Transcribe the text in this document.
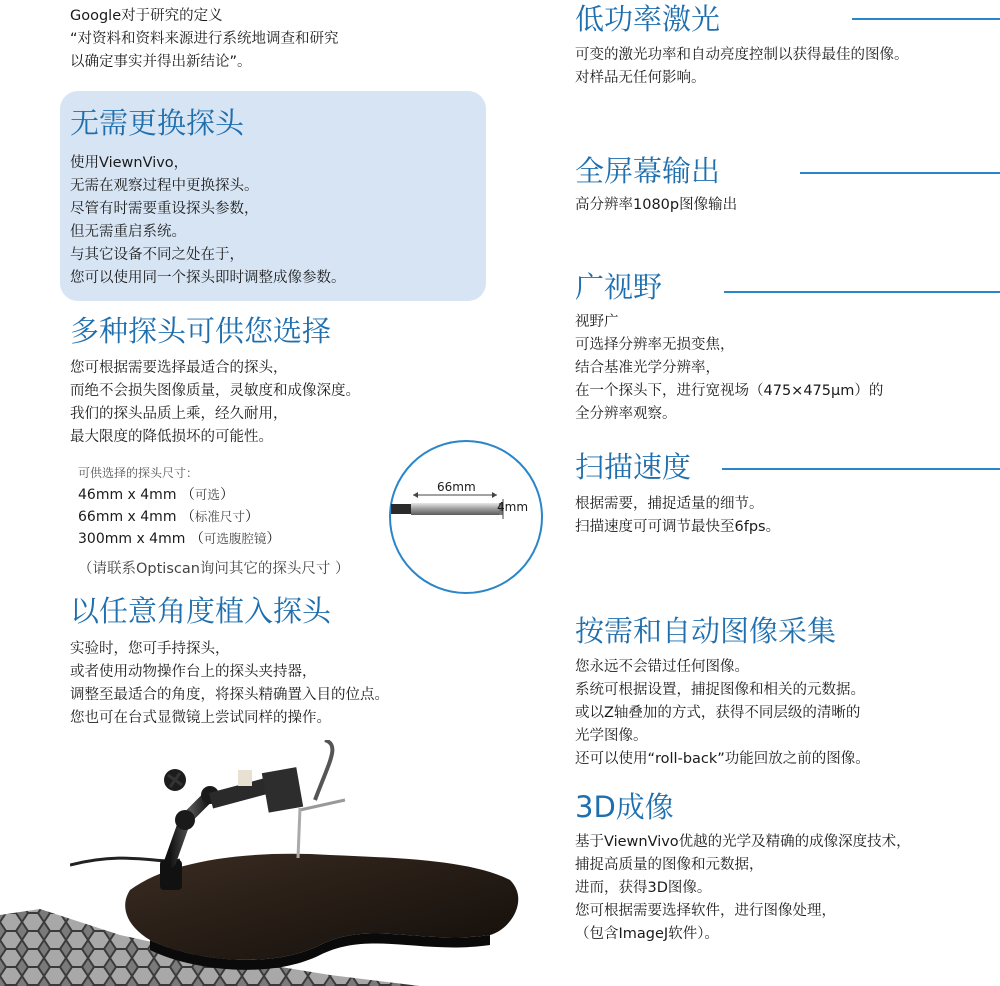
Google对于研究的定义
“对资料和资料来源进行系统地调查和研究
以确定事实并得出新结论”。
无需更换探头
使用ViewnVivo，
无需在观察过程中更换探头。
尽管有时需要重设探头参数，
但无需重启系统。
与其它设备不同之处在于，
您可以使用同一个探头即时调整成像参数。
多种探头可供您选择
您可根据需要选择最适合的探头，
而绝不会损失图像质量，灵敏度和成像深度。
我们的探头品质上乘，经久耐用，
最大限度的降低损坏的可能性。
可供选择的探头尺寸：
46mm x 4mm （可选）
66mm x 4mm （标准尺寸）
300mm x 4mm （可选腹腔镜）
（请联系Optiscan询问其它的探头尺寸 ）
66mm
4mm
以任意角度植入探头
实验时，您可手持探头，
或者使用动物操作台上的探头夹持器，
调整至最适合的角度，将探头精确置入目的位点。
您也可在台式显微镜上尝试同样的操作。
低功率激光
可变的激光功率和自动亮度控制以获得最佳的图像。
对样品无任何影响。
全屏幕输出
高分辨率1080p图像输出
广视野
视野广
可选择分辨率无损变焦，
结合基准光学分辨率，
在一个探头下，进行宽视场（475×475μm）的
全分辨率观察。
扫描速度
根据需要，捕捉适量的细节。
扫描速度可可调节最快至6fps。
按需和自动图像采集
您永远不会错过任何图像。
系统可根据设置，捕捉图像和相关的元数据。
或以Z轴叠加的方式，获得不同层级的清晰的
光学图像。
还可以使用“roll-back”功能回放之前的图像。
3D成像
基于ViewnVivo优越的光学及精确的成像深度技术，
捕捉高质量的图像和元数据，
进而，获得3D图像。
您可根据需要选择软件，进行图像处理，
（包含ImageJ软件）。
